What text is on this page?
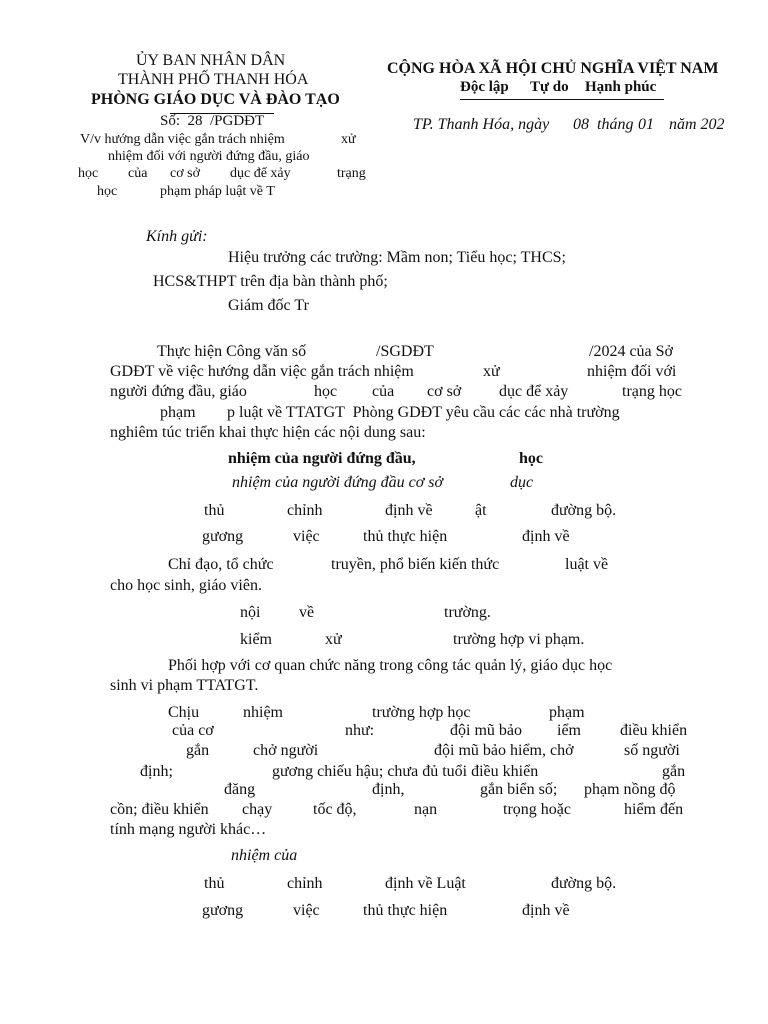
ỦY BAN NHÂN DÂN
THÀNH PHỐ THANH HÓA
PHÒNG GIÁO DỤC VÀ ĐÀO TẠO
Số:  28  /PGDĐT
V/v hướng dẫn việc gắn trách nhiệm	xử
nhiệm đối với người đứng đầu, giáo
học của cơ sở dục để xảy	trạng
học	phạm pháp luật về T
CỘNG HÒA XÃ HỘI CHỦ NGHĨA VIỆT NAM
Độc lập Tự do Hạnh phúc
TP. Thanh Hóa, ngày 08 tháng 01 năm 202
Kính gửi:
Hiệu trưởng các trường: Mầm non; Tiểu học; THCS;
HCS&THPT trên địa bàn thành phố;
Giám đốc Tr
Thực hiện Công văn số	/SGDĐT	/2024 của Sở
GDĐT về việc hướng dẫn việc gắn trách nhiệm	xử	nhiệm đối với
người đứng đầu, giáo	học của cơ sở dục để xảy	trạng học
phạm p luật về TTATGT  Phòng GDĐT yêu cầu các các nhà trường
nghiêm túc triển khai thực hiện các nội dung sau:
nhiệm của người đứng đầu,	học
nhiệm của người đứng đầu cơ sở	dục
thủ	chỉnh	định về	ật	đường bộ.
gương	việc	thủ thực hiện	định về
Chỉ đạo, tổ chức	truyền, phổ biến kiến thức	luật về
cho học sinh, giáo viên.
nội về	trường.
kiểm	xử	trường hợp vi phạm.
Phối hợp với cơ quan chức năng trong công tác quản lý, giáo dục học
sinh vi phạm TTATGT.
Chịu	nhiệm	trường hợp học	phạm
của cơ	như:	đội mũ bảo iểm điều khiển
gắn	chở người	đội mũ bảo hiểm, chở	số người
định;	gương chiếu hậu; chưa đủ tuổi điều khiển	gắn
đăng	định,	gắn biển số; phạm nồng độ
cồn; điều khiển chạy	tốc độ,	nạn	trọng hoặc	hiểm đến
tính mạng người khác…
nhiệm của
thủ	chỉnh	định về Luật	đường bộ.
gương	việc	thủ thực hiện	định về
